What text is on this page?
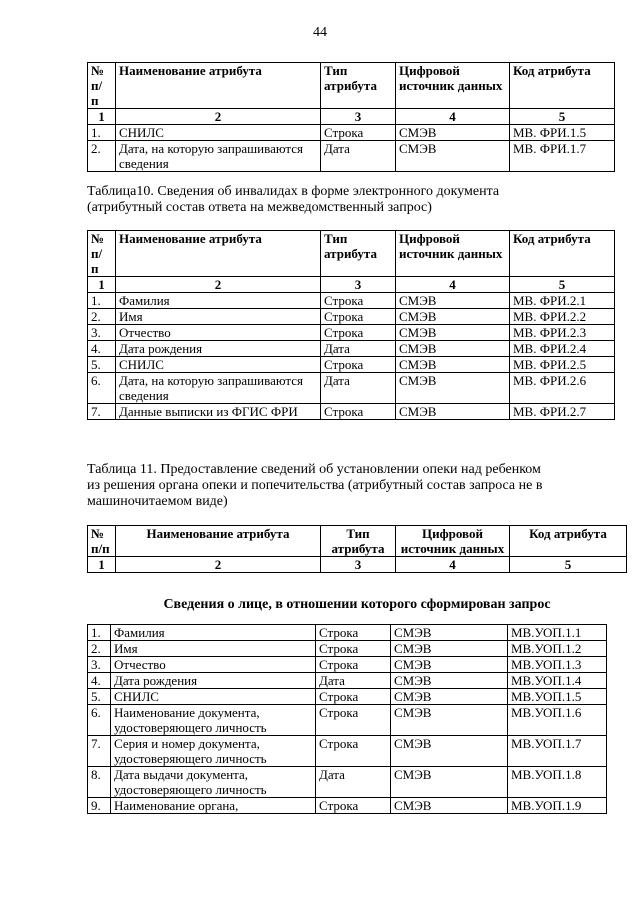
44
№ п/ п	Наименование атрибута	Тип атрибута	Цифровой источник данных	Код атрибута
1	2	3	4	5
1.	СНИЛС	Строка	СМЭВ	МВ. ФРИ.1.5
2.	Дата, на которую запрашиваются сведения	Дата	СМЭВ	МВ. ФРИ.1.7
Таблица10. Сведения об инвалидах в форме электронного документа (атрибутный состав ответа на межведомственный запрос)
№ п/ п	Наименование атрибута	Тип атрибута	Цифровой источник данных	Код атрибута
1	2	3	4	5
1.	Фамилия	Строка	СМЭВ	МВ. ФРИ.2.1
2.	Имя	Строка	СМЭВ	МВ. ФРИ.2.2
3.	Отчество	Строка	СМЭВ	МВ. ФРИ.2.3
4.	Дата рождения	Дата	СМЭВ	МВ. ФРИ.2.4
5.	СНИЛС	Строка	СМЭВ	МВ. ФРИ.2.5
6.	Дата, на которую запрашиваются сведения	Дата	СМЭВ	МВ. ФРИ.2.6
7.	Данные выписки из ФГИС ФРИ	Строка	СМЭВ	МВ. ФРИ.2.7
Таблица 11. Предоставление сведений об установлении опеки над ребенком из решения органа опеки и попечительства (атрибутный состав запроса не в машиночитаемом виде)
№ п/п	Наименование атрибута	Тип атрибута	Цифровой источник данных	Код атрибута
1	2	3	4	5
Сведения о лице, в отношении которого сформирован запрос
1.	Фамилия	Строка	СМЭВ	МВ.УОП.1.1
2.	Имя	Строка	СМЭВ	МВ.УОП.1.2
3.	Отчество	Строка	СМЭВ	МВ.УОП.1.3
4.	Дата рождения	Дата	СМЭВ	МВ.УОП.1.4
5.	СНИЛС	Строка	СМЭВ	МВ.УОП.1.5
6.	Наименование документа, удостоверяющего личность	Строка	СМЭВ	МВ.УОП.1.6
7.	Серия и номер документа, удостоверяющего личность	Строка	СМЭВ	МВ.УОП.1.7
8.	Дата выдачи документа, удостоверяющего личность	Дата	СМЭВ	МВ.УОП.1.8
9.	Наименование органа,	Строка	СМЭВ	МВ.УОП.1.9
